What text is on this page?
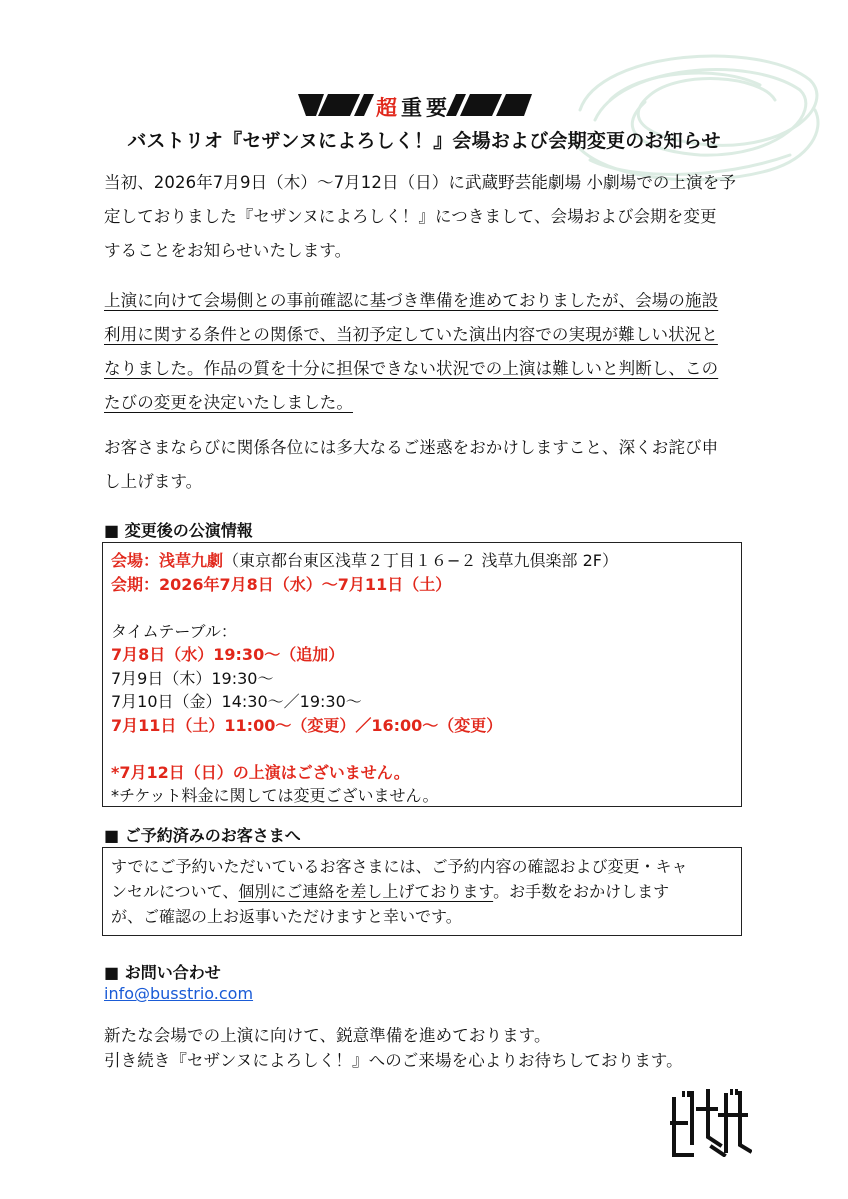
超重要
バストリオ『セザンヌによろしく！』会場および会期変更のお知らせ
当初、2026年7月9日（木）〜7月12日（日）に武蔵野芸能劇場 小劇場での上演を予
定しておりました『セザンヌによろしく！』につきまして、会場および会期を変更
することをお知らせいたします。
上演に向けて会場側との事前確認に基づき準備を進めておりましたが、会場の施設
利用に関する条件との関係で、当初予定していた演出内容での実現が難しい状況と
なりました。作品の質を十分に担保できない状況での上演は難しいと判断し、この
たびの変更を決定いたしました。
お客さまならびに関係各位には多大なるご迷惑をおかけしますこと、深くお詫び申
し上げます。
■ 変更後の公演情報
会場：浅草九劇（東京都台東区浅草２丁目１６−２ 浅草九倶楽部 2F）
会期：2026年7月8日（水）〜7月11日（土）
タイムテーブル：
7月8日（水）19:30〜（追加）
7月9日（木）19:30〜
7月10日（金）14:30〜／19:30〜
7月11日（土）11:00〜（変更）／16:00〜（変更）
*7月12日（日）の上演はございません。
*チケット料金に関しては変更ございません。
■ ご予約済みのお客さまへ
すでにご予約いただいているお客さまには、ご予約内容の確認および変更・キャ
ンセルについて、個別にご連絡を差し上げております。お手数をおかけします
が、ご確認の上お返事いただけますと幸いです。
■ お問い合わせ
info@busstrio.com
新たな会場での上演に向けて、鋭意準備を進めております。
引き続き『セザンヌによろしく！』へのご来場を心よりお待ちしております。
